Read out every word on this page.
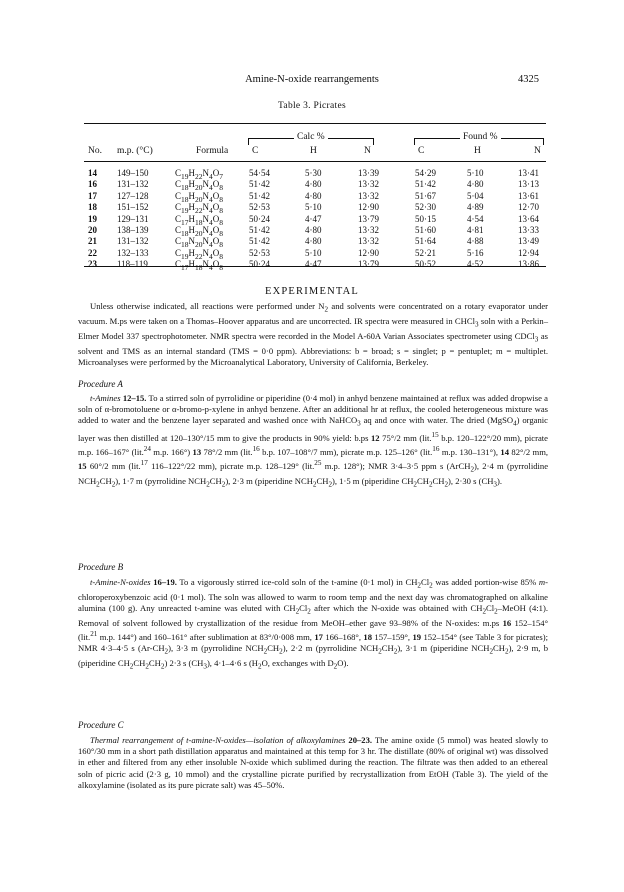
Amine-N-oxide rearrangements	4325
Table 3. Picrates
No. m.p. (°C)	Formula
Calc %
C	H	N
Found %
C	H	N
14 149–150	$C_{19}H_{22}N_4O_7$	54·54	5·30	13·39	54·29	5·10	13·41
16 131–132	$C_{18}H_{20}N_4O_8$	51·42	4·80	13·32	51·42	4·80	13·13
17 127–128	$C_{18}H_{20}N_4O_8$	51·42	4·80	13·32	51·67	5·04	13·61
18 151–152	$C_{19}H_{22}N_4O_8$	52·53	5·10	12·90	52·30	4·89	12·70
19 129–131	$C_{17}H_{18}N_4O_8$	50·24	4·47	13·79	50·15	4·54	13·64
20 138–139	$C_{18}H_{20}N_4O_8$	51·42	4·80	13·32	51·60	4·81	13·33
21 131–132	$C_{18}N_{20}N_4O_8$	51·42	4·80	13·32	51·64	4·88	13·49
22 132–133	$C_{19}H_{22}N_4O_8$	52·53	5·10	12·90	52·21	5·16	12·94
23 118–119	$C_{17}H_{18}N_4O_8$	50·24	4·47	13·79	50·52	4·52	13·86
EXPERIMENTAL
Unless otherwise indicated, all reactions were performed under $N_2$ and solvents were concentrated on a rotary evaporator under vacuum. M.ps were taken on a Thomas–Hoover apparatus and are uncorrected. IR spectra were measured in CHCl$_3$ soln with a Perkin–Elmer Model 337 spectrophotometer. NMR spectra were recorded in the Model A-60A Varian Associates spectrometer using CDCl$_3$ as solvent and TMS as an internal standard (TMS = 0·0 ppm). Abbreviations: b = broad; s = singlet; p = pentuplet; m = multiplet. Microanalyses were performed by the Microanalytical Laboratory, University of California, Berkeley.
Procedure A
t-Amines 12–15. To a stirred soln of pyrrolidine or piperidine (0·4 mol) in anhyd benzene maintained at reflux was added dropwise a soln of α-bromotoluene or α-bromo-p-xylene in anhyd benzene. After an additional hr at reflux, the cooled heterogeneous mixture was added to water and the benzene layer separated and washed once with NaHCO$_3$ aq and once with water. The dried (MgSO$_4$) organic layer was then distilled at 120–130°/15 mm to give the products in 90% yield: b.ps 12 75°/2 mm (lit.$^{15}$ b.p. 120–122°/20 mm), picrate m.p. 166–167° (lit.$^{24}$ m.p. 166°) 13 78°/2 mm (lit.$^{16}$ b.p. 107–108°/7 mm), picrate m.p. 125–126° (lit.$^{16}$ m.p. 130–131°), 14 82°/2 mm, 15 60°/2 mm (lit.$^{17}$ 116–122°/22 mm), picrate m.p. 128–129° (lit.$^{25}$ m.p. 128°); NMR 3·4–3·5 ppm s (ArCH$_2$), 2·4 m (pyrrolidine $NCH_2CH_2$), 1·7 m (pyrrolidine $NCH_2CH_2$), 2·3 m (piperidine $NCH_2CH_2$), 1·5 m (piperidine $CH_2CH_2CH_2$), 2·30 s $(CH_3)$.
Procedure B
t-Amine-N-oxides 16–19. To a vigorously stirred ice-cold soln of the t-amine (0·1 mol) in $CH_2Cl_2$ was added portion-wise 85% m-chloroperoxybenzoic acid (0·1 mol). The soln was allowed to warm to room temp and the next day was chromatographed on alkaline alumina (100 g). Any unreacted t-amine was eluted with $CH_2Cl_2$ after which the N-oxide was obtained with $CH_2Cl_2$–MeOH (4:1). Removal of solvent followed by crystallization of the residue from MeOH–ether gave 93–98% of the N-oxides: m.ps 16 152–154° (lit.$^{21}$ m.p. 144°) and 160–161° after sublimation at 83°/0·008 mm, 17 166–168°, 18 157–159°, 19 152–154° (see Table 3 for picrates); NMR 4·3–4·5 s $(Ar-CH_2)$, 3·3 m (pyrrolidine $NCH_2CH_2$), 2·2 m (pyrrolidine $NCH_2CH_2$), 3·1 m (piperidine $NCH_2CH_2$), 2·9 m, b (piperidine $CH_2CH_2CH_2$) 2·3 s $(CH_3)$, 4·1–4·6 s ($H_2O$, exchanges with $D_2O$).
Procedure C
Thermal rearrangement of t-amine-N-oxides—isolation of alkoxylamines 20–23. The amine oxide (5 mmol) was heated slowly to 160°/30 mm in a short path distillation apparatus and maintained at this temp for 3 hr. The distillate (80% of original wt) was dissolved in ether and filtered from any ether insoluble N-oxide which sublimed during the reaction. The filtrate was then added to an ethereal soln of picric acid (2·3 g, 10 mmol) and the crystalline picrate purified by recrystallization from EtOH (Table 3). The yield of the alkoxylamine (isolated as its pure picrate salt) was 45–50%.
